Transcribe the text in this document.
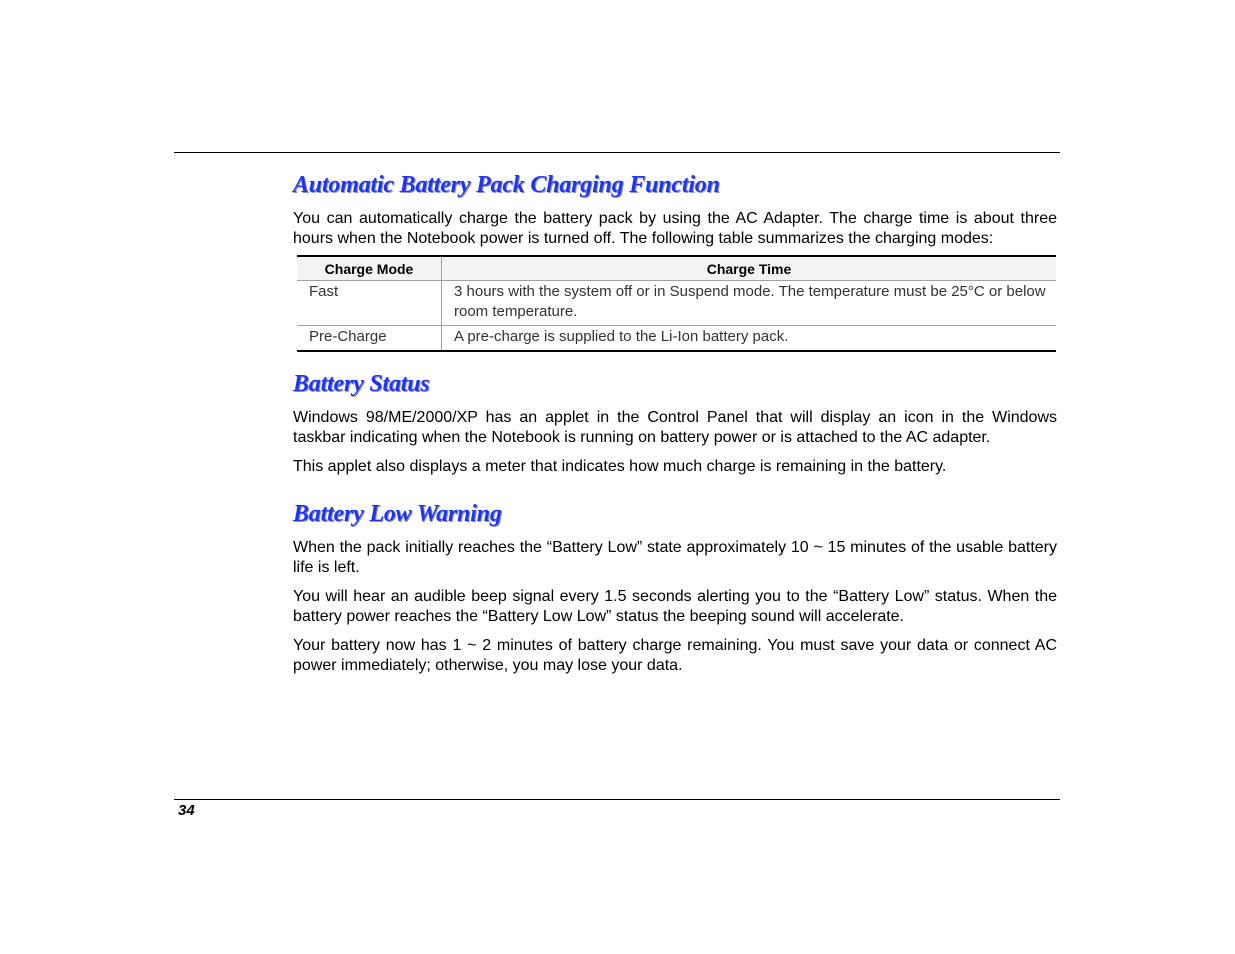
Automatic Battery Pack Charging Function

You can automatically charge the battery pack by using the AC Adapter. The charge time is about three hours when the Notebook power is turned off. The following table summarizes the charging modes:

Charge Mode	Charge Time
Fast	3 hours with the system off or in Suspend mode. The temperature must be 25°C or below room temperature.
Pre-Charge	A pre-charge is supplied to the Li-Ion battery pack.
Battery Status

Windows 98/ME/2000/XP has an applet in the Control Panel that will display an icon in the Windows taskbar indicating when the Notebook is running on battery power or is attached to the AC adapter.

This applet also displays a meter that indicates how much charge is remaining in the battery.

Battery Low Warning

When the pack initially reaches the “Battery Low” state approximately 10 ~ 15 minutes of the usable battery life is left.

You will hear an audible beep signal every 1.5 seconds alerting you to the “Battery Low” status. When the battery power reaches the “Battery Low Low” status the beeping sound will accelerate.

Your battery now has 1 ~ 2 minutes of battery charge remaining. You must save your data or connect AC power immediately; otherwise, you may lose your data.

34
